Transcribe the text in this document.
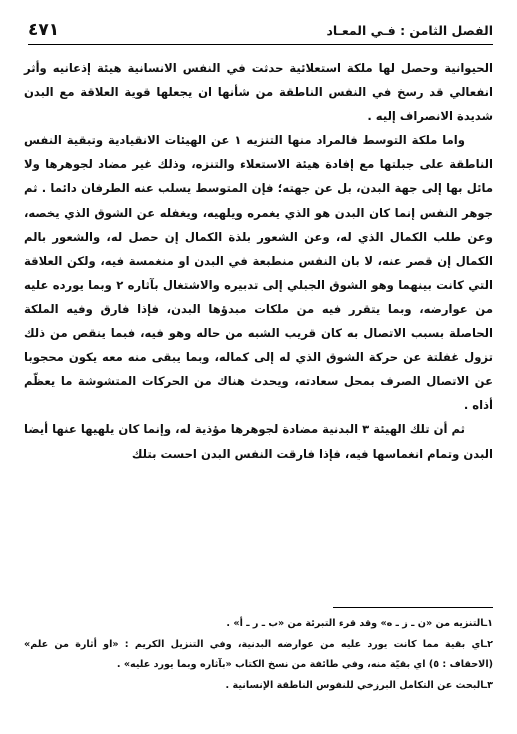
الفصل الثامن : فـي المعـاد
٤٧١

الحيوانية وحصل لها ملكة استعلائية حدثت في النفس الانسانية هيئة إذعانيه وأثر انفعالي قد رسخ في النفس الناطقة من شأنها ان يجعلها قوية العلاقة مع البدن شديدة الانصراف إليه .

واما ملكة التوسط فالمراد منها التنزيه ١ عن الهيئات الانقيادية وتبقية النفس الناطقة على جبلتها مع إفادة هيئة الاستعلاء والتنزه، وذلك غير مضاد لجوهرها ولا مائل بها إلى جهة البدن، بل عن جهته؛ فإن المتوسط يسلب عنه الطرفان دائما . ثم جوهر النفس إنما كان البدن هو الذي يغمره ويلهيه، ويغفله عن الشوق الذي يخصه، وعن طلب الكمال الذي له، وعن الشعور بلذة الكمال إن حصل له، والشعور بالم الكمال إن قصر عنه، لا بان النفس منطبعة في البدن او منغمسة فيه، ولكن العلاقة التي كانت بينهما وهو الشوق الجبلي إلى تدبيره والاشتغال بآثاره ٢ وبما يورده عليه من عوارضه، وبما يتقرر فيه من ملكات مبدؤها البدن، فإذا فارق وفيه الملكة الحاصلة بسبب الاتصال به كان قريب الشبه من حاله وهو فيه، فبما ينقص من ذلك تزول غفلتة عن حركة الشوق الذي له إلى كماله، وبما يبقى منه معه يكون محجوبا عن الاتصال الصرف بمحل سعادته، ويحدث هناك من الحركات المتشوشة ما يعظّم أذاه .

ثم أن تلك الهيئة ٣ البدنية مضادة لجوهرها مؤذية له، وإنما كان يلهيها عنها أيضا البدن وتمام انغماسها فيه، فإذا فارقت النفس البدن احست بتلك

١ـالتنزيه من «ن ـ ز ـ ه» وقد قرء التبرئة من «ب ـ ر ـ أ» .

٢ـاي بقية مما كانت يورد عليه من عوارضه البدنية، وفي التنزيل الكريم : «او أثارة من علم» (الاحقاف : ٥) اي بقيّة منه، وفي طائفة من نسخ الكتاب «بآثاره وبما يورد عليه» .

٣ـالبحث عن التكامل البرزخي للنفوس الناطقة الإنسانية .
